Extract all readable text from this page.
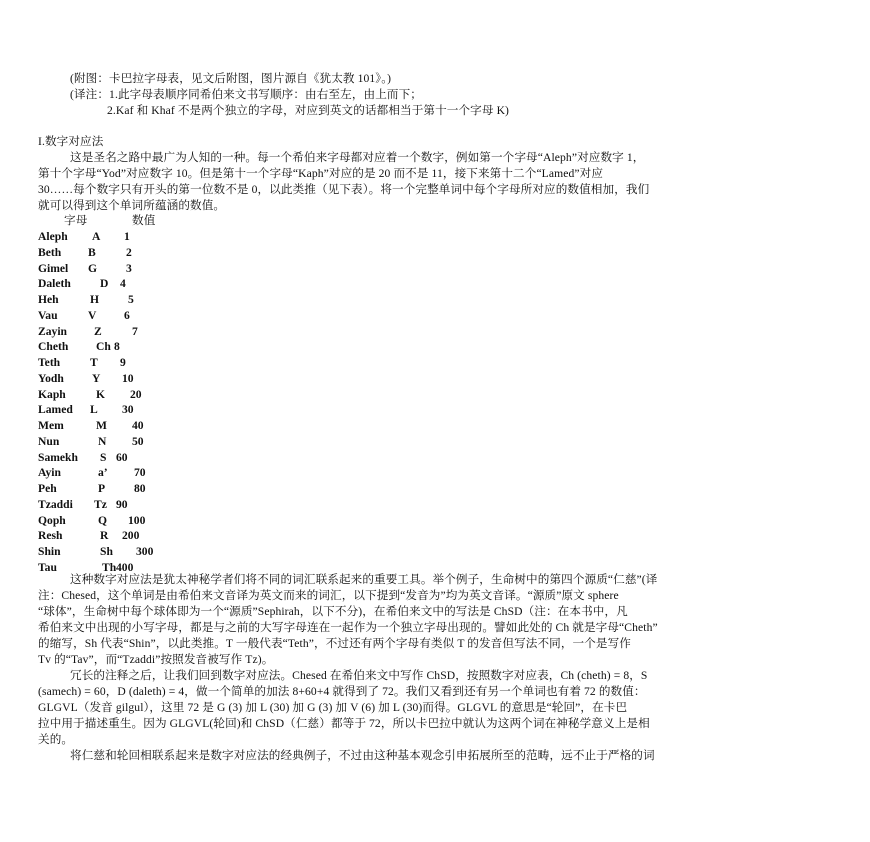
(附图：卡巴拉字母表，见文后附图，图片源自《犹太教 101》。)
(译注：1.此字母表顺序同希伯来文书写顺序：由右至左，由上而下；
2.Kaf 和 Khaf 不是两个独立的字母，对应到英文的话都相当于第十一个字母 K)
I.数字对应法
这是圣名之路中最广为人知的一种。每一个希伯来字母都对应着一个数字，例如第一个字母“Aleph”对应数字 1，
第十个字母“Yod”对应数字 10。但是第十一个字母“Kaph”对应的是 20 而不是 11，接下来第十二个“Lamed”对应
30……每个数字只有开头的第一位数不是 0，以此类推（见下表）。将一个完整单词中每个字母所对应的数值相加，我们
就可以得到这个单词所蕴涵的数值。
字母	数值
Aleph A 1
Beth B	2
Gimel G 3
Daleth	D 4
Heh	H 5
Vau	V 6
Zayin Z	7
Cheth Ch 8
Teth	T 9
Yodh Y 10
Kaph	K 20
Lamed L 30
Mem	M 40
Nun	N 50
Samekh S 60
Ayin	a’ 70
Peh	P 80
Tzaddi Tz 90
Qoph	Q 100
Resh	R 200
Shin	Sh 300
Tau	Th 400
这种数字对应法是犹太神秘学者们将不同的词汇联系起来的重要工具。举个例子，生命树中的第四个源质“仁慈”(译
注：Chesed，这个单词是由希伯来文音译为英文而来的词汇，以下提到“发音为”均为英文音译。“源质”原文 sphere
“球体”，生命树中每个球体即为一个“源质”Sephirah，以下不分)，在希伯来文中的写法是 ChSD（注：在本书中，凡
希伯来文中出现的小写字母，都是与之前的大写字母连在一起作为一个独立字母出现的。譬如此处的 Ch 就是字母“Cheth”
的缩写，Sh 代表“Shin”，以此类推。T 一般代表“Teth”，不过还有两个字母有类似 T 的发音但写法不同，一个是写作
Tv 的“Tav”，而“Tzaddi”按照发音被写作 Tz)。
冗长的注释之后，让我们回到数字对应法。Chesed 在希伯来文中写作 ChSD，按照数字对应表，Ch (cheth) = 8，S
(samech) = 60，D (daleth) = 4，做一个简单的加法 8+60+4 就得到了 72。我们又看到还有另一个单词也有着 72 的数值：
GLGVL（发音 gilgul），这里 72 是 G (3) 加 L (30) 加 G (3) 加 V (6) 加 L (30)而得。GLGVL 的意思是“轮回”，在卡巴
拉中用于描述重生。因为 GLGVL(轮回)和 ChSD（仁慈）都等于 72，所以卡巴拉中就认为这两个词在神秘学意义上是相
关的。
将仁慈和轮回相联系起来是数字对应法的经典例子，不过由这种基本观念引申拓展所至的范畴，远不止于严格的词
